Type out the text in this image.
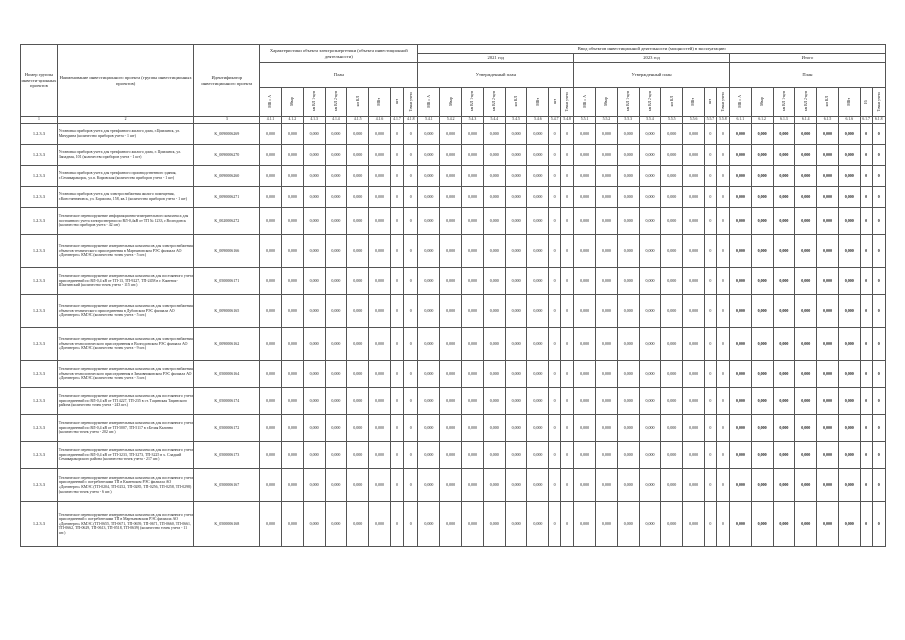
Номер группы инвести-ционных проектов	Наименование инвестиционного проекта (группы инвестиционных проектов)	Идентификатор инвестиционного проекта	Характеристики объекта электроэнергетики (объекта инвестиционной деятельности)								Ввод объектов инвестиционной деятельности (мощностей) в эксплуатацию																							
											2021 год								2023 год								Итого							
			План								Утвержденный план								Утвержденный план								План							
			МВ×А	Мвар	км ВЛ 1-цеп	км ВЛ 2-цеп	км КЛ	МВт	шт	Точки учета	МВ×А	Мвар	км ВЛ 1-цеп	км ВЛ 2-цеп	км КЛ	МВт	шт	Точки учета	МВ×А	Мвар	км ВЛ 1-цеп	км ВЛ 2-цеп	км КЛ	МВт	шт	Точки учета	МВ×А	Мвар	км ВЛ 1-цеп	км ВЛ 2-цеп	км КЛ	МВт	Иi	Точки учета
1	2	3	4.1.1	4.1.2	4.1.3	4.1.4	4.1.5	4.1.6	4.1.7	4.1.8	5.4.1	5.4.2	5.4.3	5.4.4	5.4.5	5.4.6	5.4.7	5.4.8	5.5.1	5.5.2	5.5.3	5.5.4	5.5.5	5.5.6	5.5.7	5.5.8	6.1.1	6.1.2	6.1.3	6.1.4	6.1.5	6.1.6	6.1.7	6.1.8
1.2.3.3	Установка приборов учета для трехфазного жилого дома, г.Цимлянск, ул. Мичурина (количество приборов учета - 1 шт)	K_0090006269	0,000	0,000	0,000	0,000	0,000	0,000	0	0	0,000	0,000	0,000	0,000	0,000	0,000	0	0	0,000	0,000	0,000	0,000	0,000	0,000	0	0	0,000	0,000	0,000	0,000	0,000	0,000	0	0
1.2.3.3	Установка приборов учета для трехфазного жилого дома, г. Цимлянск, ул. Западная, 101 (количество приборов учета - 1 шт)	K_0090006270	0,000	0,000	0,000	0,000	0,000	0,000	0	0	0,000	0,000	0,000	0,000	0,000	0,000	0	0	0,000	0,000	0,000	0,000	0,000	0,000	0	0	0,000	0,000	0,000	0,000	0,000	0,000	0	0
1.2.3.3	Установка приборов учета для трехфазного производственного здания, г.Семикаракорск, ул.п. Кировская (количество приборов учета - 1 шт)	K_0090006260	0,000	0,000	0,000	0,000	0,000	0,000	0	0	0,000	0,000	0,000	0,000	0,000	0,000	0	0	0,000	0,000	0,000	0,000	0,000	0,000	0	0	0,000	0,000	0,000	0,000	0,000	0,000	0	0
1.2.3.3	Установка приборов учета для электроснабжения жилого помещения, г.Константиновск, ул. Борисова, 158, кв.1 (количество приборов учета - 1 шт)	K_0090006271	0,000	0,000	0,000	0,000	0,000	0,000	0	0	0,000	0,000	0,000	0,000	0,000	0,000	0	0	0,000	0,000	0,000	0,000	0,000	0,000	0	0	0,000	0,000	0,000	0,000	0,000	0,000	0	0
1.2.3.3	Техническое перевооружение информационно-измерительного комплекса для постоянного учета электроэнергии по ВЛ-0,4кВ от ТП № 1233, г.Волгодонск (количество приборов учета - 42 шт)	K_0020006272	0,000	0,000	0,000	0,000	0,000	0,000	0	0	0,000	0,000	0,000	0,000	0,000	0,000	0	0	0,000	0,000	0,000	0,000	0,000	0,000	0	0	0,000	0,000	0,000	0,000	0,000	0,000	0	0
1.2.3.3	Техническое перевооружение измерительных комплексов для электроснабжения объектов технического присоединения в Мартыновском РЭС филиала АО «Донэнерго» КМЭС (количество точек учета - 5 шт.)	K_0090006166	0,000	0,000	0,000	0,000	0,000	0,000	0	0	0,000	0,000	0,000	0,000	0,000	0,000	0	0	0,000	0,000	0,000	0,000	0,000	0,000	0	0	0,000	0,000	0,000	0,000	0,000	0,000	0	0
1.2.3.3	Техническое перевооружение измерительных комплексов для постоянного учета присоединений по ВЛ-0,4 кВ от ТП-13, ТП-9227, ТП-2458 в г. Каменск-Шахтинский (количество точек учета - 115 шт.)	K_0500006171	0,000	0,000	0,000	0,000	0,000	0,000	0	0	0,000	0,000	0,000	0,000	0,000	0,000	0	0	0,000	0,000	0,000	0,000	0,000	0,000	0	0	0,000	0,000	0,000	0,000	0,000	0,000	0	0
1.2.3.3	Техническое перевооружение измерительных комплексов для электроснабжения объектов технического присоединения в Дубовском РЭС филиала АО «Донэнерго» КМЭС (количество точек учета - 5 шт.)	K_0090006165	0,000	0,000	0,000	0,000	0,000	0,000	0	0	0,000	0,000	0,000	0,000	0,000	0,000	0	0	0,000	0,000	0,000	0,000	0,000	0,000	0	0	0,000	0,000	0,000	0,000	0,000	0,000	0	0
1.2.3.3	Техническое перевооружение измерительных комплексов для электроснабжения объектов технологического присоединения в Волгодонском РЭС филиала АО «Донэнерго» КМЭС (количество точек учета - 9 шт.)	K_0090006162	0,000	0,000	0,000	0,000	0,000	0,000	0	0	0,000	0,000	0,000	0,000	0,000	0,000	0	0	0,000	0,000	0,000	0,000	0,000	0,000	0	0	0,000	0,000	0,000	0,000	0,000	0,000	0	0
1.2.3.3	Техническое перевооружение измерительных комплексов для электроснабжения объектов технологического присоединения в Зимовниковском РЭС филиала АО «Донэнерго» КМЭС (количество точек учета - 3 шт.)	K_0500006164	0,000	0,000	0,000	0,000	0,000	0,000	0	0	0,000	0,000	0,000	0,000	0,000	0,000	0	0	0,000	0,000	0,000	0,000	0,000	0,000	0	0	0,000	0,000	0,000	0,000	0,000	0,000	0	0
1.2.3.3	Техническое перевооружение измерительных комплексов для постоянного учета присоединений по ВЛ-0,4 кВ от ТП 4227, ТП-235 в ст. Тацинская Тацинского района (количество точек учета - 243 шт.)	K_0500006174	0,000	0,000	0,000	0,000	0,000	0,000	0	0	0,000	0,000	0,000	0,000	0,000	0,000	0	0	0,000	0,000	0,000	0,000	0,000	0,000	0	0	0,000	0,000	0,000	0,000	0,000	0,000	0	0
1.2.3.3	Техническое перевооружение измерительных комплексов для постоянного учета присоединений по ВЛ-0,4 кВ от ТП-5007, ТП-5117 в г.Белая Калитва (количество точек учета - 202 шт.)	K_0500006172	0,000	0,000	0,000	0,000	0,000	0,000	0	0	0,000	0,000	0,000	0,000	0,000	0,000	0	0	0,000	0,000	0,000	0,000	0,000	0,000	0	0	0,000	0,000	0,000	0,000	0,000	0,000	0	0
1.2.3.3	Техническое перевооружение измерительных комплексов для постоянного учета присоединений по ВЛ-0,4 кВ от ТП-3233, ТП-3273, ТП-3225 в х. Сладкий Семикаракорского района (количество точек учета - 217 шт.)	K_0500006173	0,000	0,000	0,000	0,000	0,000	0,000	0	0	0,000	0,000	0,000	0,000	0,000	0,000	0	0	0,000	0,000	0,000	0,000	0,000	0,000	0	0	0,000	0,000	0,000	0,000	0,000	0,000	0	0
1.2.3.3	Техническое перевооружение измерительных комплексов для постоянного учета присоединений с потребителями ТП в Каменском РЭС филиала АО «Донэнерго» КМЭС (ТП-0204, ТП-0252, ТП-0285, ТП-0256, ТП-0258, ТП-0298) (количество точек учета - 6 шт.)	K_0500006167	0,000	0,000	0,000	0,000	0,000	0,000	0	0	0,000	0,000	0,000	0,000	0,000	0,000	0	0	0,000	0,000	0,000	0,000	0,000	0,000	0	0	0,000	0,000	0,000	0,000	0,000	0,000	0	0
1.2.3.3	Техническое перевооружение измерительных комплексов для постоянного учета присоединений с потребителями ТП в Мартыновском РЭС филиала АО «Донэнерго» КМЭС (ТП-0655, ТП-0671, ТП-0659, ТП-0671, ТП-0660, ТП-0661, ТП-0662, ТП-0629, ТП-0613, ТП-0518, ТП-0639) (количество точек учета - 11 шт.)	K_0500006168	0,000	0,000	0,000	0,000	0,000	0,000	0	0	0,000	0,000	0,000	0,000	0,000	0,000	0	0	0,000	0,000	0,000	0,000	0,000	0,000	0	0	0,000	0,000	0,000	0,000	0,000	0,000	0	0
